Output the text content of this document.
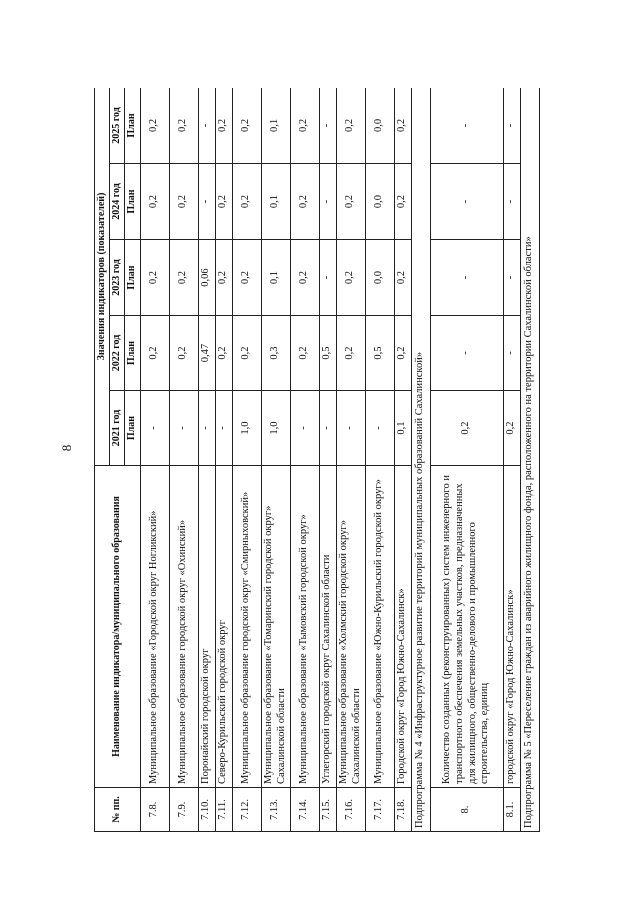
8
№ пп.	Наименование индикатора/муниципального образования	Значения индикаторов (показателей)				
		2021 год	2022 год	2023 год	2024 год	2025 год
		План	План	План	План	План
7.8.	Муниципальное образование «Городской округ Ногликский»	-	0,2	0,2	0,2	0,2
7.9.	Муниципальное образование городской округ «Охинский»	-	0,2	0,2	0,2	0,2
7.10.	Поронайский городской округ	-	0,47	0,06	-	-
7.11.	Северо-Курильский городской округ	-	0,2	0,2	0,2	0,2
7.12.	Муниципальное образование городской округ «Смирныховский»	1,0	0,2	0,2	0,2	0,2
7.13.	Муниципальное образование «Томаринский городской округ» Сахалинской области	1,0	0,3	0,1	0,1	0,1
7.14.	Муниципальное образование «Тымовский городской округ»	-	0,2	0,2	0,2	0,2
7.15.	Углегорский городской округ Сахалинской области	-	0,5	-	-	-
7.16.	Муниципальное образование «Холмский городской округ» Сахалинской области	-	0,2	0,2	0,2	0,2
7.17.	Муниципальное образование «Южно-Курильский городской округ»	-	0,5	0,0	0,0	0,0
7.18.	Городской округ «Город Южно-Сахалинск»	0,1	0,2	0,2	0,2	0,2
Подпрограмма № 4 «Инфраструктурное развитие территорий муниципальных образований Сахалинской»						
8.	Количество созданных (реконструированных) систем инженерного и транспортного обеспечения земельных участков, предназначенных для жилищного, общественно-делового и промышленного строительства, единиц	0,2	-	-	-	-
8.1.	городской округ «Город Южно-Сахалинск»	0,2	-	-	-	-
Подпрограмма № 5 «Переселение граждан из аварийного жилищного фонда, расположенного на территории Сахалинской области»						
